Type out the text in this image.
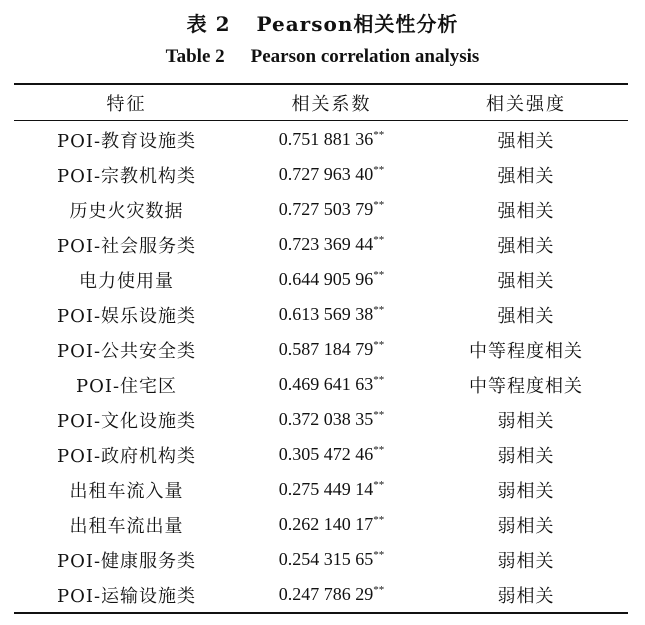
表 2 Pearson相关性分析
Table 2 Pearson correlation analysis
特征	相关系数	相关强度
POI-教育设施类	0.751 881 36**	强相关
POI-宗教机构类	0.727 963 40**	强相关
历史火灾数据	0.727 503 79**	强相关
POI-社会服务类	0.723 369 44**	强相关
电力使用量	0.644 905 96**	强相关
POI-娱乐设施类	0.613 569 38**	强相关
POI-公共安全类	0.587 184 79**	中等程度相关
POI-住宅区	0.469 641 63**	中等程度相关
POI-文化设施类	0.372 038 35**	弱相关
POI-政府机构类	0.305 472 46**	弱相关
出租车流入量	0.275 449 14**	弱相关
出租车流出量	0.262 140 17**	弱相关
POI-健康服务类	0.254 315 65**	弱相关
POI-运输设施类	0.247 786 29**	弱相关
